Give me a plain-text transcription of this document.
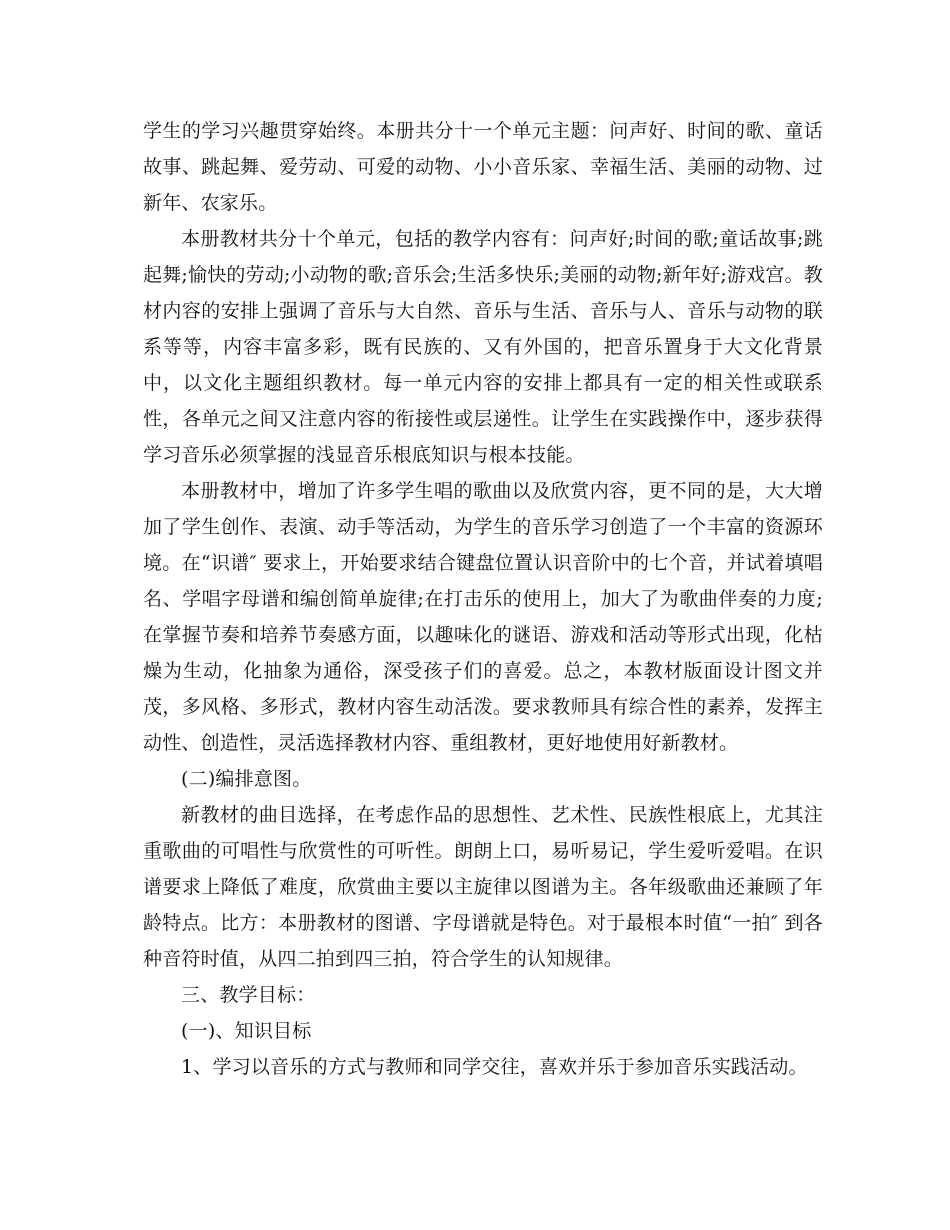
学生的学习兴趣贯穿始终。本册共分十一个单元主题：问声好、时间的歌、童话故事、跳起舞、爱劳动、可爱的动物、小小音乐家、幸福生活、美丽的动物、过新年、农家乐。

本册教材共分十个单元，包括的教学内容有：问声好;时间的歌;童话故事;跳起舞;愉快的劳动;小动物的歌;音乐会;生活多快乐;美丽的动物;新年好;游戏宫。教材内容的安排上强调了音乐与大自然、音乐与生活、音乐与人、音乐与动物的联系等等，内容丰富多彩，既有民族的、又有外国的，把音乐置身于大文化背景中，以文化主题组织教材。每一单元内容的安排上都具有一定的相关性或联系性，各单元之间又注意内容的衔接性或层递性。让学生在实践操作中，逐步获得学习音乐必须掌握的浅显音乐根底知识与根本技能。

本册教材中，增加了许多学生唱的歌曲以及欣赏内容，更不同的是，大大增加了学生创作、表演、动手等活动，为学生的音乐学习创造了一个丰富的资源环境。在“识谱″ 要求上，开始要求结合键盘位置认识音阶中的七个音，并试着填唱名、学唱字母谱和编创简单旋律;在打击乐的使用上，加大了为歌曲伴奏的力度;在掌握节奏和培养节奏感方面，以趣味化的谜语、游戏和活动等形式出现，化枯燥为生动，化抽象为通俗，深受孩子们的喜爱。总之，本教材版面设计图文并茂，多风格、多形式，教材内容生动活泼。要求教师具有综合性的素养，发挥主动性、创造性，灵活选择教材内容、重组教材，更好地使用好新教材。

(二)编排意图。

新教材的曲目选择，在考虑作品的思想性、艺术性、民族性根底上，尤其注重歌曲的可唱性与欣赏性的可听性。朗朗上口，易听易记，学生爱听爱唱。在识谱要求上降低了难度，欣赏曲主要以主旋律以图谱为主。各年级歌曲还兼顾了年龄特点。比方：本册教材的图谱、字母谱就是特色。对于最根本时值“一拍″ 到各种音符时值，从四二拍到四三拍，符合学生的认知规律。

三、教学目标：

(一)、知识目标

1、学习以音乐的方式与教师和同学交往，喜欢并乐于参加音乐实践活动。
